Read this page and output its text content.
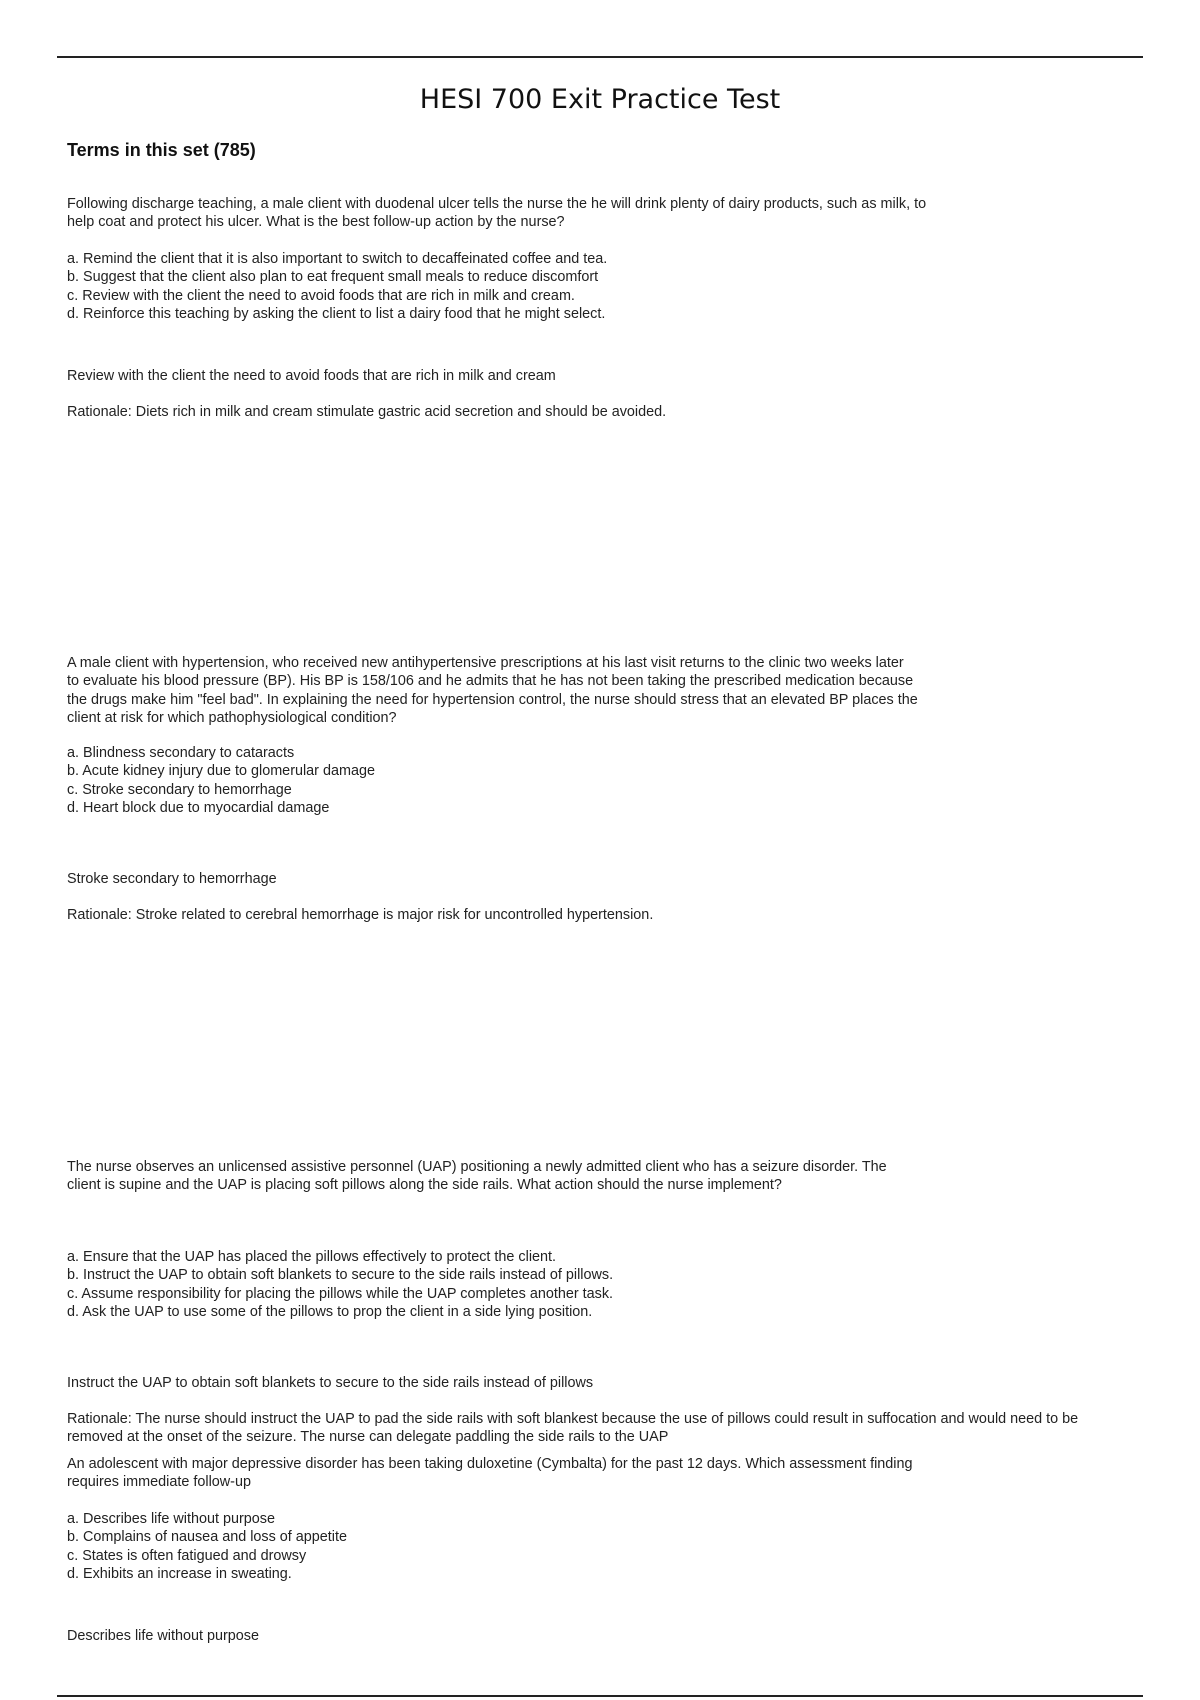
HESI 700 Exit Practice Test
Terms in this set (785)
Following discharge teaching, a male client with duodenal ulcer tells the nurse the he will drink plenty of dairy products, such as milk, to help coat and protect his ulcer. What is the best follow-up action by the nurse?
a. Remind the client that it is also important to switch to decaffeinated coffee and tea.
b. Suggest that the client also plan to eat frequent small meals to reduce discomfort
c. Review with the client the need to avoid foods that are rich in milk and cream.
d. Reinforce this teaching by asking the client to list a dairy food that he might select.
Review with the client the need to avoid foods that are rich in milk and cream
Rationale: Diets rich in milk and cream stimulate gastric acid secretion and should be avoided.
A male client with hypertension, who received new antihypertensive prescriptions at his last visit returns to the clinic two weeks later to evaluate his blood pressure (BP). His BP is 158/106 and he admits that he has not been taking the prescribed medication because the drugs make him "feel bad". In explaining the need for hypertension control, the nurse should stress that an elevated BP places the client at risk for which pathophysiological condition?
a. Blindness secondary to cataracts
b. Acute kidney injury due to glomerular damage
c. Stroke secondary to hemorrhage
d. Heart block due to myocardial damage
Stroke secondary to hemorrhage
Rationale: Stroke related to cerebral hemorrhage is major risk for uncontrolled hypertension.
The nurse observes an unlicensed assistive personnel (UAP) positioning a newly admitted client who has a seizure disorder. The client is supine and the UAP is placing soft pillows along the side rails. What action should the nurse implement?
a. Ensure that the UAP has placed the pillows effectively to protect the client.
b. Instruct the UAP to obtain soft blankets to secure to the side rails instead of pillows.
c. Assume responsibility for placing the pillows while the UAP completes another task.
d. Ask the UAP to use some of the pillows to prop the client in a side lying position.
Instruct the UAP to obtain soft blankets to secure to the side rails instead of pillows
Rationale: The nurse should instruct the UAP to pad the side rails with soft blankest because the use of pillows could result in suffocation and would need to be removed at the onset of the seizure. The nurse can delegate paddling the side rails to the UAP
An adolescent with major depressive disorder has been taking duloxetine (Cymbalta) for the past 12 days. Which assessment finding requires immediate follow-up
a. Describes life without purpose
b. Complains of nausea and loss of appetite
c. States is often fatigued and drowsy
d. Exhibits an increase in sweating.
Describes life without purpose
